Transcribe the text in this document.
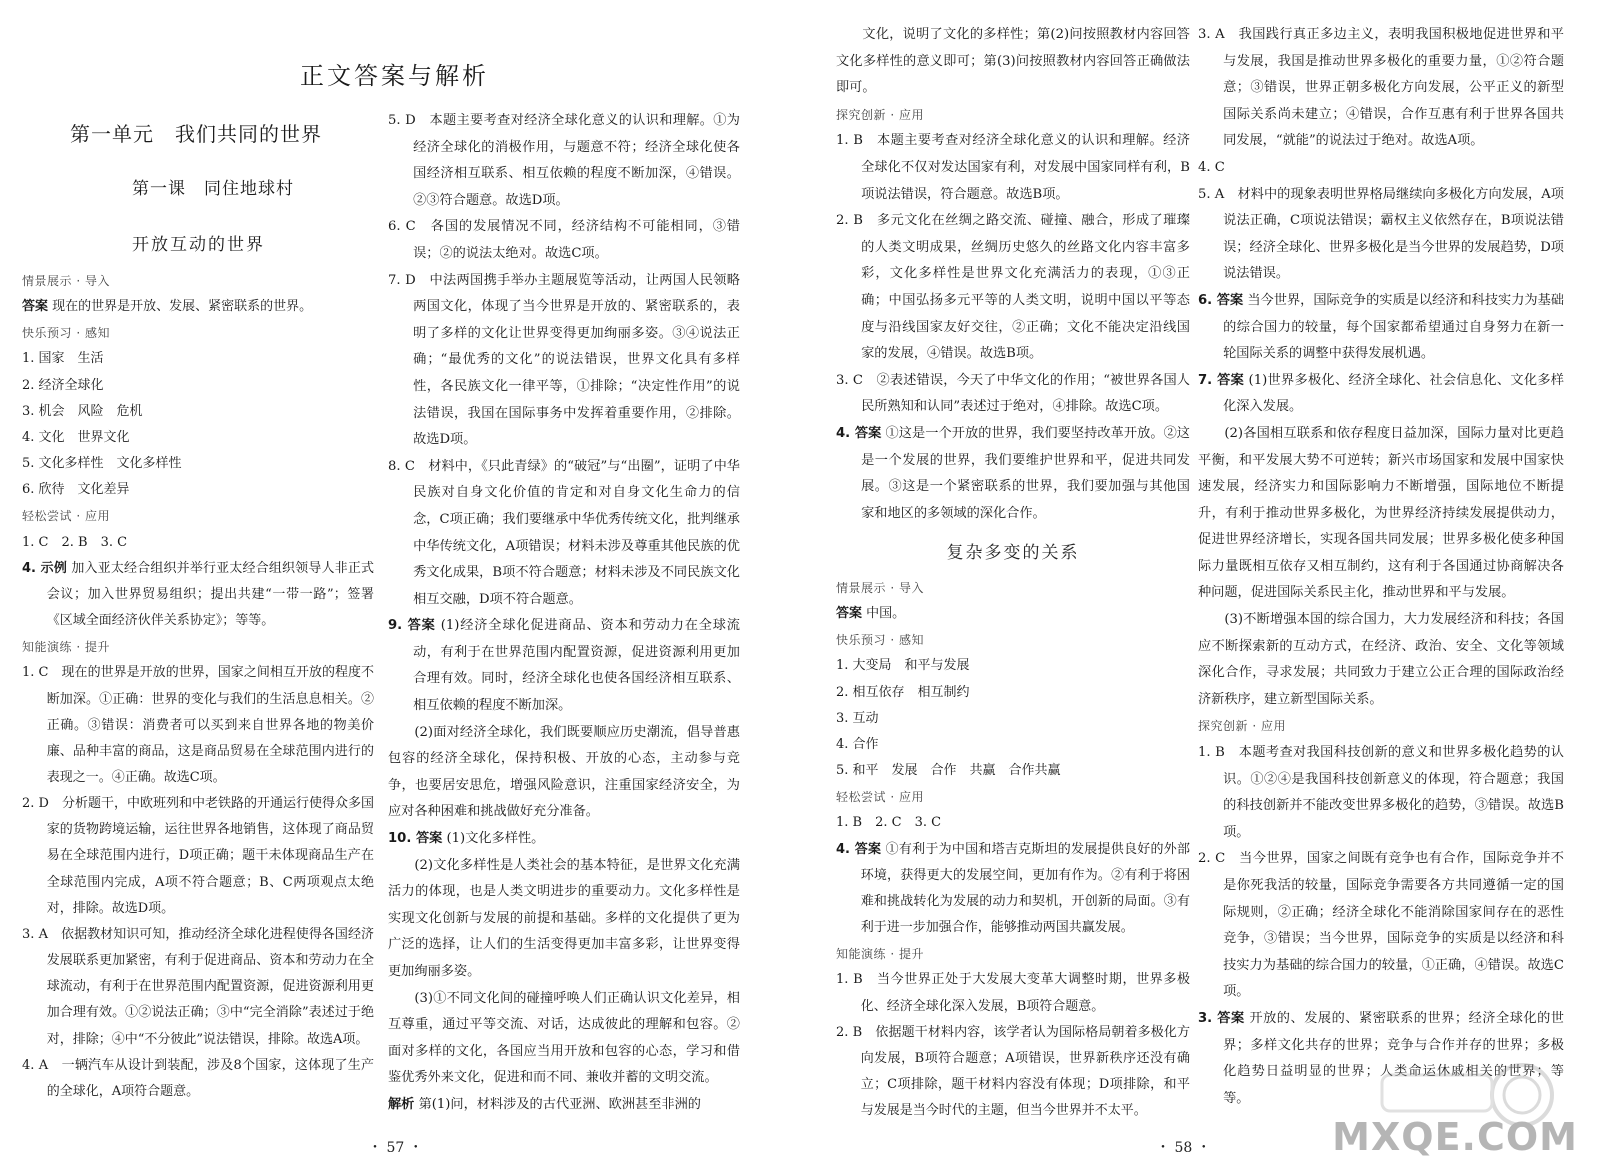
正文答案与解析
第一单元　我们共同的世界
第一课　同住地球村
开放互动的世界

情景展示 · 导入

答案 现在的世界是开放、发展、紧密联系的世界。

快乐预习 · 感知

1. 国家　生活

2. 经济全球化

3. 机会　风险　危机

4. 文化　世界文化

5. 文化多样性　文化多样性

6. 欣待　文化差异

轻松尝试 · 应用

1. C　2. B　3. C

4. 示例 加入亚太经合组织并举行亚太经合组织领导人非正式会议；加入世界贸易组织；提出共建“一带一路”；签署《区域全面经济伙伴关系协定》；等等。

知能演练 · 提升

1. C　现在的世界是开放的世界，国家之间相互开放的程度不断加深。①正确：世界的变化与我们的生活息息相关。②正确。③错误：消费者可以买到来自世界各地的物美价廉、品种丰富的商品，这是商品贸易在全球范围内进行的表现之一。④正确。故选C项。

2. D　分析题干，中欧班列和中老铁路的开通运行使得众多国家的货物跨境运输，运往世界各地销售，这体现了商品贸易在全球范围内进行，D项正确；题干未体现商品生产在全球范围内完成，A项不符合题意；B、C两项观点太绝对，排除。故选D项。

3. A　依据教材知识可知，推动经济全球化进程使得各国经济发展联系更加紧密，有利于促进商品、资本和劳动力在全球流动，有利于在世界范围内配置资源，促进资源利用更加合理有效。①②说法正确；③中“完全消除”表述过于绝对，排除；④中“不分彼此”说法错误，排除。故选A项。

4. A　一辆汽车从设计到装配，涉及8个国家，这体现了生产的全球化，A项符合题意。

5. D　本题主要考查对经济全球化意义的认识和理解。①为经济全球化的消极作用，与题意不符；经济全球化使各国经济相互联系、相互依赖的程度不断加深，④错误。②③符合题意。故选D项。

6. C　各国的发展情况不同，经济结构不可能相同，③错误；②的说法太绝对。故选C项。

7. D　中法两国携手举办主题展览等活动，让两国人民领略两国文化，体现了当今世界是开放的、紧密联系的，表明了多样的文化让世界变得更加绚丽多姿。③④说法正确；“最优秀的文化”的说法错误，世界文化具有多样性，各民族文化一律平等，①排除；“决定性作用”的说法错误，我国在国际事务中发挥着重要作用，②排除。故选D项。

8. C　材料中，《只此青绿》的“破冠”与“出圈”，证明了中华民族对自身文化价值的肯定和对自身文化生命力的信念，C项正确；我们要继承中华优秀传统文化，批判继承中华传统文化，A项错误；材料未涉及尊重其他民族的优秀文化成果，B项不符合题意；材料未涉及不同民族文化相互交融，D项不符合题意。

9. 答案 (1)经济全球化促进商品、资本和劳动力在全球流动，有利于在世界范围内配置资源，促进资源利用更加合理有效。同时，经济全球化也使各国经济相互联系、相互依赖的程度不断加深。

(2)面对经济全球化，我们既要顺应历史潮流，倡导普惠包容的经济全球化，保持积极、开放的心态，主动参与竞争，也要居安思危，增强风险意识，注重国家经济安全，为应对各种困难和挑战做好充分准备。

10. 答案 (1)文化多样性。

(2)文化多样性是人类社会的基本特征，是世界文化充满活力的体现，也是人类文明进步的重要动力。文化多样性是实现文化创新与发展的前提和基础。多样的文化提供了更为广泛的选择，让人们的生活变得更加丰富多彩，让世界变得更加绚丽多姿。

(3)①不同文化间的碰撞呼唤人们正确认识文化差异，相互尊重，通过平等交流、对话，达成彼此的理解和包容。②面对多样的文化，各国应当用开放和包容的心态，学习和借鉴优秀外来文化，促进和而不同、兼收并蓄的文明交流。

解析 第(1)问，材料涉及的古代亚洲、欧洲甚至非洲的

・ 57 ・

文化，说明了文化的多样性；第(2)问按照教材内容回答文化多样性的意义即可；第(3)问按照教材内容回答正确做法即可。

探究创新 · 应用

1. B　本题主要考查对经济全球化意义的认识和理解。经济全球化不仅对发达国家有利，对发展中国家同样有利，B项说法错误，符合题意。故选B项。

2. B　多元文化在丝绸之路交流、碰撞、融合，形成了璀璨的人类文明成果，丝绸历史悠久的丝路文化内容丰富多彩，文化多样性是世界文化充满活力的表现，①③正确；中国弘扬多元平等的人类文明，说明中国以平等态度与沿线国家友好交往，②正确；文化不能决定沿线国家的发展，④错误。故选B项。

3. C　②表述错误，今天了中华文化的作用；“被世界各国人民所熟知和认同”表述过于绝对，④排除。故选C项。

4. 答案 ①这是一个开放的世界，我们要坚持改革开放。②这是一个发展的世界，我们要维护世界和平，促进共同发展。③这是一个紧密联系的世界，我们要加强与其他国家和地区的多领域的深化合作。

复杂多变的关系

情景展示 · 导入

答案 中国。

快乐预习 · 感知

1. 大变局　和平与发展

2. 相互依存　相互制约

3. 互动

4. 合作

5. 和平　发展　合作　共赢　合作共赢

轻松尝试 · 应用

1. B　2. C　3. C

4. 答案 ①有利于为中国和塔吉克斯坦的发展提供良好的外部环境，获得更大的发展空间，更加有作为。②有利于将困难和挑战转化为发展的动力和契机，开创新的局面。③有利于进一步加强合作，能够推动两国共赢发展。

知能演练 · 提升

1. B　当今世界正处于大发展大变革大调整时期，世界多极化、经济全球化深入发展，B项符合题意。

2. B　依据题干材料内容，该学者认为国际格局朝着多极化方向发展，B项符合题意；A项错误，世界新秩序还没有确立；C项排除，题干材料内容没有体现；D项排除，和平与发展是当今时代的主题，但当今世界并不太平。

3. A　我国践行真正多边主义，表明我国积极地促进世界和平与发展，我国是推动世界多极化的重要力量，①②符合题意；③错误，世界正朝多极化方向发展，公平正义的新型国际关系尚未建立；④错误，合作互惠有利于世界各国共同发展，“就能”的说法过于绝对。故选A项。

4. C

5. A　材料中的现象表明世界格局继续向多极化方向发展，A项说法正确，C项说法错误；霸权主义依然存在，B项说法错误；经济全球化、世界多极化是当今世界的发展趋势，D项说法错误。

6. 答案 当今世界，国际竞争的实质是以经济和科技实力为基础的综合国力的较量，每个国家都希望通过自身努力在新一轮国际关系的调整中获得发展机遇。

7. 答案 (1)世界多极化、经济全球化、社会信息化、文化多样化深入发展。

(2)各国相互联系和依存程度日益加深，国际力量对比更趋平衡，和平发展大势不可逆转；新兴市场国家和发展中国家快速发展，经济实力和国际影响力不断增强，国际地位不断提升，有利于推动世界多极化，为世界经济持续发展提供动力，促进世界经济增长，实现各国共同发展；世界多极化使多种国际力量既相互依存又相互制约，这有利于各国通过协商解决各种问题，促进国际关系民主化，推动世界和平与发展。

(3)不断增强本国的综合国力，大力发展经济和科技；各国应不断探索新的互动方式，在经济、政治、安全、文化等领域深化合作，寻求发展；共同致力于建立公正合理的国际政治经济新秩序，建立新型国际关系。

探究创新 · 应用

1. B　本题考查对我国科技创新的意义和世界多极化趋势的认识。①②④是我国科技创新意义的体现，符合题意；我国的科技创新并不能改变世界多极化的趋势，③错误。故选B项。

2. C　当今世界，国家之间既有竞争也有合作，国际竞争并不是你死我活的较量，国际竞争需要各方共同遵循一定的国际规则，②正确；经济全球化不能消除国家间存在的恶性竞争，③错误；当今世界，国际竞争的实质是以经济和科技实力为基础的综合国力的较量，①正确，④错误。故选C项。

3. 答案 开放的、发展的、紧密联系的世界；经济全球化的世界；多样文化共存的世界；竞争与合作并存的世界；多极化趋势日益明显的世界；人类命运休戚相关的世界；等等。

・ 58 ・	MXQE.COM
